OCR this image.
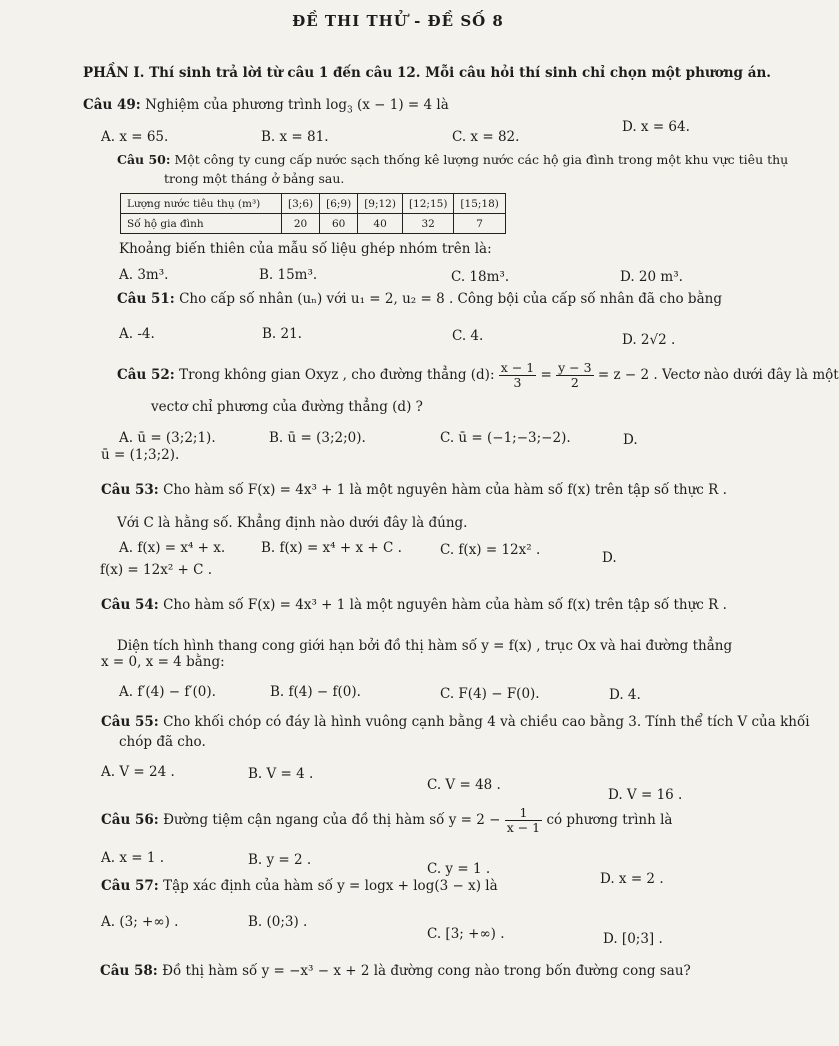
ĐỀ THI THỬ - ĐỀ SỐ 8
PHẦN I. Thí sinh trả lời từ câu 1 đến câu 12. Mỗi câu hỏi thí sinh chỉ chọn một phương án.
Câu 49: Nghiệm của phương trình $\log_3 (x - 1) = 4$ là
A. x = 65.	B. x = 81.	C. x = 82.
D. x = 64.
Câu 50: Một công ty cung cấp nước sạch thống kê lượng nước các hộ gia đình trong một khu vực tiêu thụ
trong một tháng ở bảng sau.
Lượng nước tiêu thụ (m³)	[3;6)	[6;9)	[9;12)	[12;15)	[15;18)
Số hộ gia đình	20	60	40	32	7
Khoảng biến thiên của mẫu số liệu ghép nhóm trên là:
A. 3m³.	B. 15m³.	C. 18m³.	D. 20 m³.
Câu 51: Cho cấp số nhân (uₙ) với u₁ = 2, u₂ = 8 . Công bội của cấp số nhân đã cho bằng
A. -4.	B. 21.	C. 4.	D. 2√2 .
Câu 52: Trong không gian Oxyz , cho đường thẳng (d): $\frac{x - 1}{3} = \frac{y - 3}{2} = z - 2$ . Vectơ nào dưới đây là một
vectơ chỉ phương của đường thẳng (d) ?
A. ū = (3;2;1).	B. ū = (3;2;0).	C. ū = (−1;−3;−2).	D.
ū = (1;3;2).
Câu 53: Cho hàm số F(x) = 4x³ + 1 là một nguyên hàm của hàm số f(x) trên tập số thực R .
Với C là hằng số. Khẳng định nào dưới đây là đúng.
A. f(x) = x⁴ + x.	B. f(x) = x⁴ + x + C .	C. f(x) = 12x² .	D.
f(x) = 12x² + C .
Câu 54: Cho hàm số F(x) = 4x³ + 1 là một nguyên hàm của hàm số f(x) trên tập số thực R .
Diện tích hình thang cong giới hạn bởi đồ thị hàm số y = f(x) , trục Ox và hai đường thẳng
x = 0, x = 4 bằng:
A. f′(4) − f′(0).	B. f(4) − f(0).	C. F(4) − F(0).	D. 4.
Câu 55: Cho khối chóp có đáy là hình vuông cạnh bằng 4 và chiều cao bằng 3. Tính thể tích V của khối
chóp đã cho.
A. V = 24 .	B. V = 4 .
C. V = 48 .
D. V = 16 .
Câu 56: Đường tiệm cận ngang của đồ thị hàm số $y = 2 - \frac{1}{x - 1}$ có phương trình là
A. x = 1 .	B. y = 2 .
C. y = 1 .
D. x = 2 .
Câu 57: Tập xác định của hàm số y = logx + log(3 − x) là
A. (3; +∞) .	B. (0;3) .
C. [3; +∞) .	D. [0;3] .
Câu 58: Đồ thị hàm số y = −x³ − x + 2 là đường cong nào trong bốn đường cong sau?
